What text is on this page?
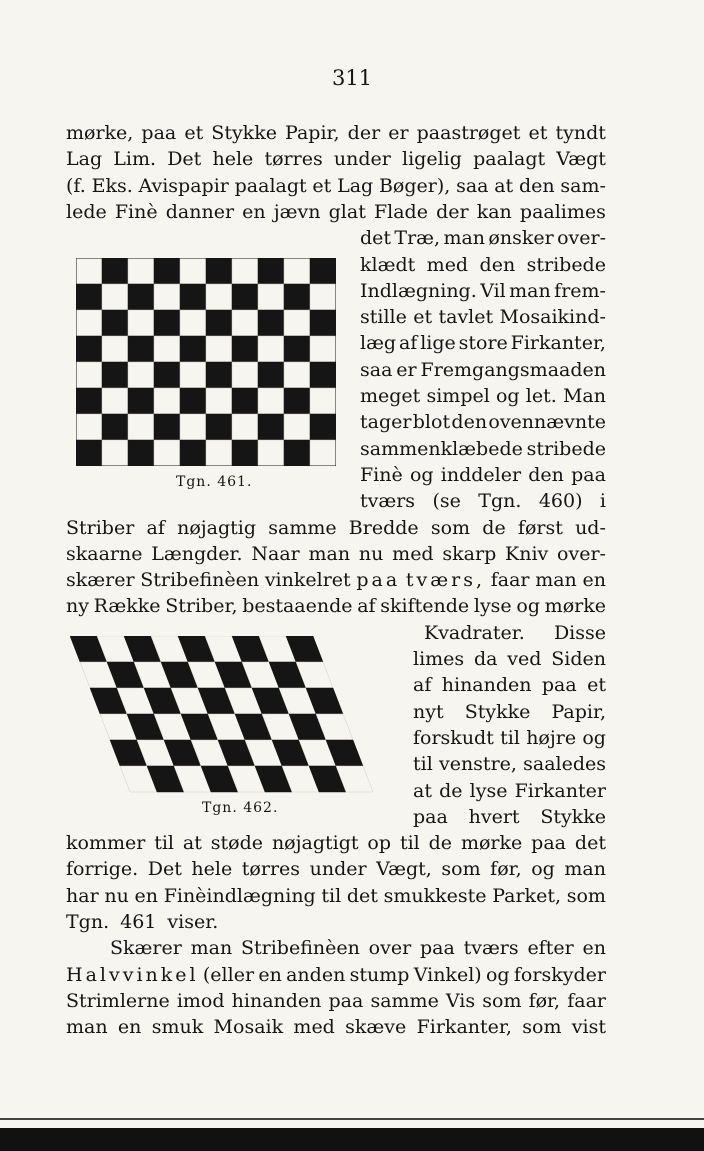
311
mørke, paa et Stykke Papir, der er paastrøget et tyndt
Lag Lim. Det hele tørres under ligelig paalagt Vægt
(f. Eks. Avispapir paalagt et Lag Bøger), saa at den sam-
lede Finè danner en jævn glat Flade der kan paalimes
det Træ, man ønsker over-
klædt med den stribede
Indlægning. Vil man frem-
stille et tavlet Mosaikind-
læg af lige store Firkanter,
saa er Fremgangsmaaden
meget simpel og let. Man
tager blot den ovennævnte
sammenklæbede stribede
Finè og inddeler den paa
tværs (se Tgn. 460) i
Striber af nøjagtig samme Bredde som de først ud-
skaarne Længder. Naar man nu med skarp Kniv over-
skærer Stribefinèen vinkelret paa tværs, faar man en
ny Række Striber, bestaaende af skiftende lyse og mørke
Kvadrater. Disse
limes da ved Siden
af hinanden paa et
nyt Stykke Papir,
forskudt til højre og
til venstre, saaledes
at de lyse Firkanter
paa hvert Stykke
kommer til at støde nøjagtigt op til de mørke paa det
forrige. Det hele tørres under Vægt, som før, og man
har nu en Finèindlægning til det smukkeste Parket, som
Tgn. 461 viser.
Skærer man Stribefinèen over paa tværs efter en
Halvvinkel (eller en anden stump Vinkel) og forskyder
Strimlerne imod hinanden paa samme Vis som før, faar
man en smuk Mosaik med skæve Firkanter, som vist
Tgn. 461.
Tgn. 462.
